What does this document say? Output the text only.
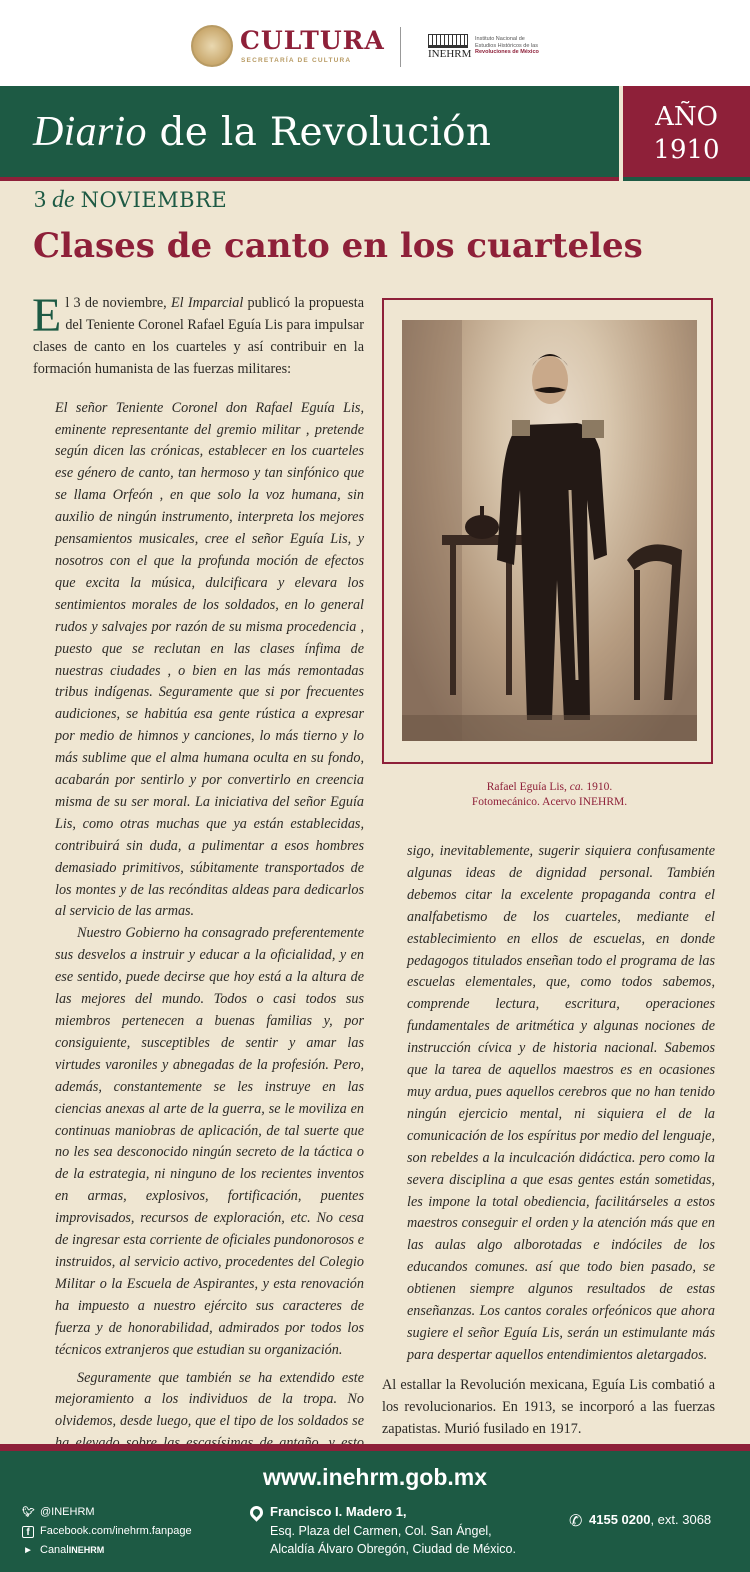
CULTURA
SECRETARÍA DE CULTURA
INEHRM
Instituto Nacional de
Estudios Históricos de las
Revoluciones de México
Diario de la Revolución	AÑO
1910
3 de NOVIEMBRE
Clases de canto en los cuarteles

El 3 de noviembre, El Imparcial publicó la propuesta del Teniente Coronel Rafael Eguía Lis para impulsar clases de canto en los cuarteles y así contribuir en la formación humanista de las fuerzas militares:

El señor Teniente Coronel don Rafael Eguía Lis, eminente representante del gremio militar , pretende según dicen las crónicas, establecer en los cuarteles ese género de canto, tan hermoso y tan sinfónico que se llama Orfeón , en que solo la voz humana, sin auxilio de ningún instrumento, interpreta los mejores pensamientos musicales, cree el señor Eguía Lis, y nosotros con el que la profunda moción de efectos que excita la música, dulcificara y elevara los sentimientos morales de los soldados, en lo general rudos y salvajes por razón de su misma procedencia , puesto que se reclutan en las clases ínfima de nuestras ciudades , o bien en las más remontadas tribus indígenas. Seguramente que si por frecuentes audiciones, se habitúa esa gente rústica a expresar por medio de himnos y canciones, lo más tierno y lo más sublime que el alma humana oculta en su fondo, acabarán por sentirlo y por convertirlo en creencia misma de su ser moral. La iniciativa del señor Eguía Lis, como otras muchas que ya están establecidas, contribuirá sin duda, a pulimentar a esos hombres demasiado primitivos, súbitamente transportados de los montes y de las recónditas aldeas para dedicarlos al servicio de las armas.

Nuestro Gobierno ha consagrado preferentemente sus desvelos a instruir y educar a la oficialidad, y en ese sentido, puede decirse que hoy está a la altura de las mejores del mundo. Todos o casi todos sus miembros pertenecen a buenas familias y, por consiguiente, susceptibles de sentir y amar las virtudes varoniles y abnegadas de la profesión. Pero, además, constantemente se les instruye en las ciencias anexas al arte de la guerra, se le moviliza en continuas maniobras de aplicación, de tal suerte que no les sea desconocido ningún secreto de la táctica o de la estrategia, ni ninguno de los recientes inventos en armas, explosivos, fortificación, puentes improvisados, recursos de exploración, etc. No cesa de ingresar esta corriente de oficiales pundonorosos e instruidos, al servicio activo, procedentes del Colegio Militar o la Escuela de Aspirantes, y esta renovación ha impuesto a nuestro ejército sus caracteres de fuerza y de honorabilidad, admirados por todos los técnicos extranjeros que estudian su organización.

Seguramente que también se ha extendido este mejoramiento a los individuos de la tropa. No olvidemos, desde luego, que el tipo de los soldados se

Rafael Eguía Lis, ca. 1910.
Fotomecánico. Acervo INEHRM.

sigo, inevitablemente, sugerir siquiera confusamente algunas ideas de dignidad personal. También debemos citar la excelente propaganda contra el analfabetismo de los cuarteles, mediante el establecimiento en ellos de escuelas, en donde pedagogos titulados enseñan todo el programa de las escuelas elementales, que, como todos sabemos, comprende lectura, escritura, operaciones fundamentales de aritmética y algunas nociones de instrucción cívica y de historia nacional. Sabemos que la tarea de aquellos maestros es en ocasiones muy ardua, pues aquellos cerebros que no han tenido ningún ejercicio mental, ni siquiera el de la comunicación de los espíritus por medio del lenguaje, son rebeldes a la inculcación didáctica. pero como la severa disciplina a que esas gentes están sometidas, les impone la total obediencia, facilitárseles a estos maestros conseguir el orden y la atención más que en las aulas algo alborotadas e indóciles de los educandos comunes. así que todo bien pasado, se obtienen siempre algunos resultados de estas enseñanzas. Los cantos corales orfeónicos que ahora sugiere el señor Eguía Lis, serán un estimulante más para despertar aquellos entendimientos aletargados.

Al estallar la Revolución mexicana, Eguía Lis combatió a los revolucionarios. En 1913, se incorporó a las fuerzas zapatistas. Murió fusilado en 1917.

www.inehrm.gob.mx
🐦︎ @INEHRM
f Facebook.com/inehrm.fanpage
▶ Canal INEHRM
Francisco I. Madero 1,
Esq. Plaza del Carmen, Col. San Ángel,
Alcaldía Álvaro Obregón, Ciudad de México.
✆ 4155 0200, ext. 3068
